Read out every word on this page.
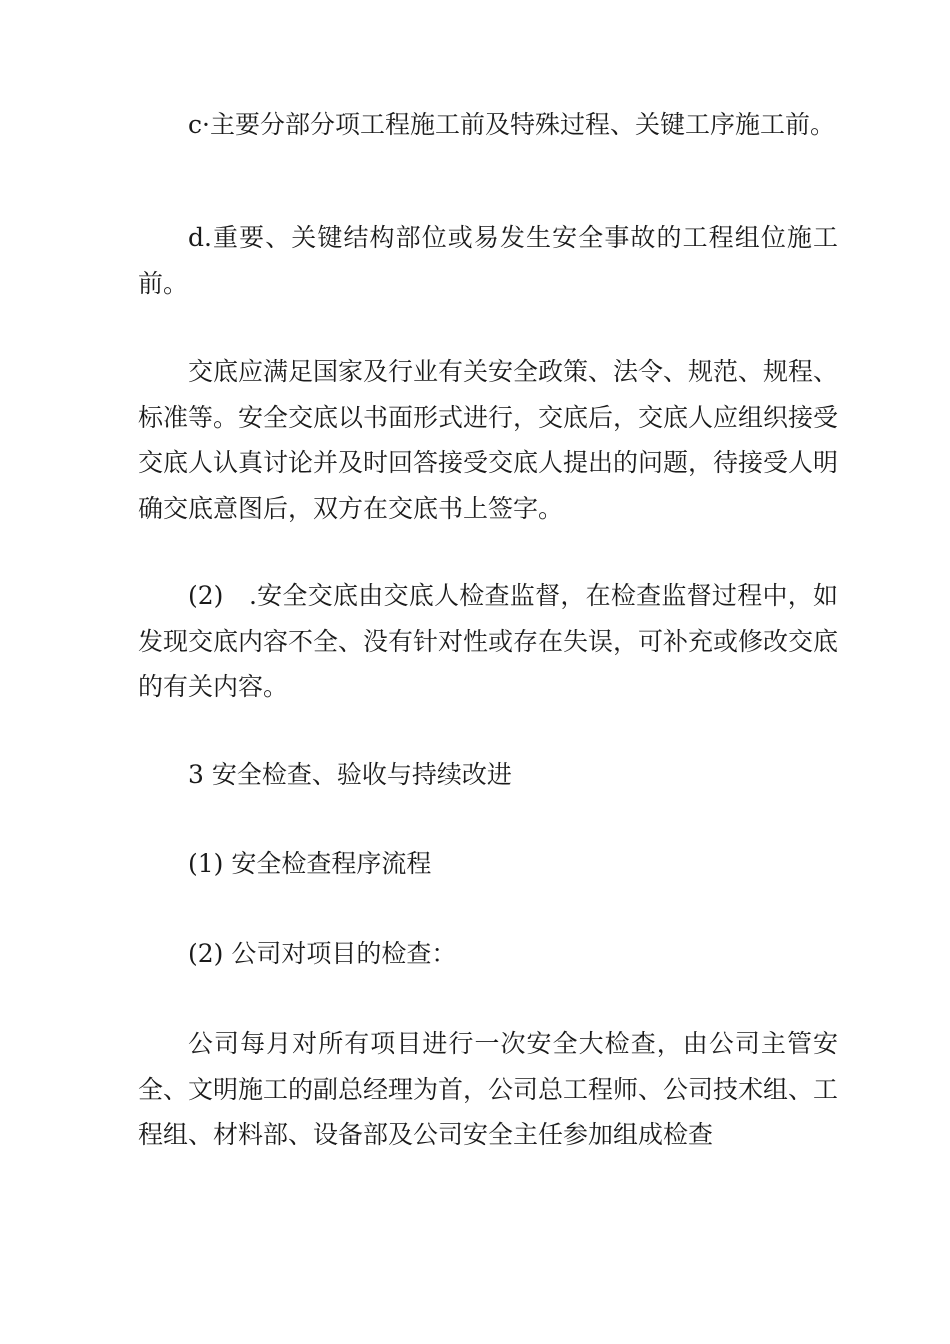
c·主要分部分项工程施工前及特殊过程、关键工序施工前。

d.重要、关键结构部位或易发生安全事故的工程组位施工前。

交底应满足国家及行业有关安全政策、法令、规范、规程、标准等。安全交底以书面形式进行，交底后，交底人应组织接受交底人认真讨论并及时回答接受交底人提出的问题，待接受人明确交底意图后，双方在交底书上签字。

(2)　.安全交底由交底人检查监督，在检查监督过程中，如发现交底内容不全、没有针对性或存在失误，可补充或修改交底的有关内容。

3 安全检查、验收与持续改进

(1) 安全检查程序流程

(2) 公司对项目的检查：

公司每月对所有项目进行一次安全大检查，由公司主管安全、文明施工的副总经理为首，公司总工程师、公司技术组、工程组、材料部、设备部及公司安全主任参加组成检查
